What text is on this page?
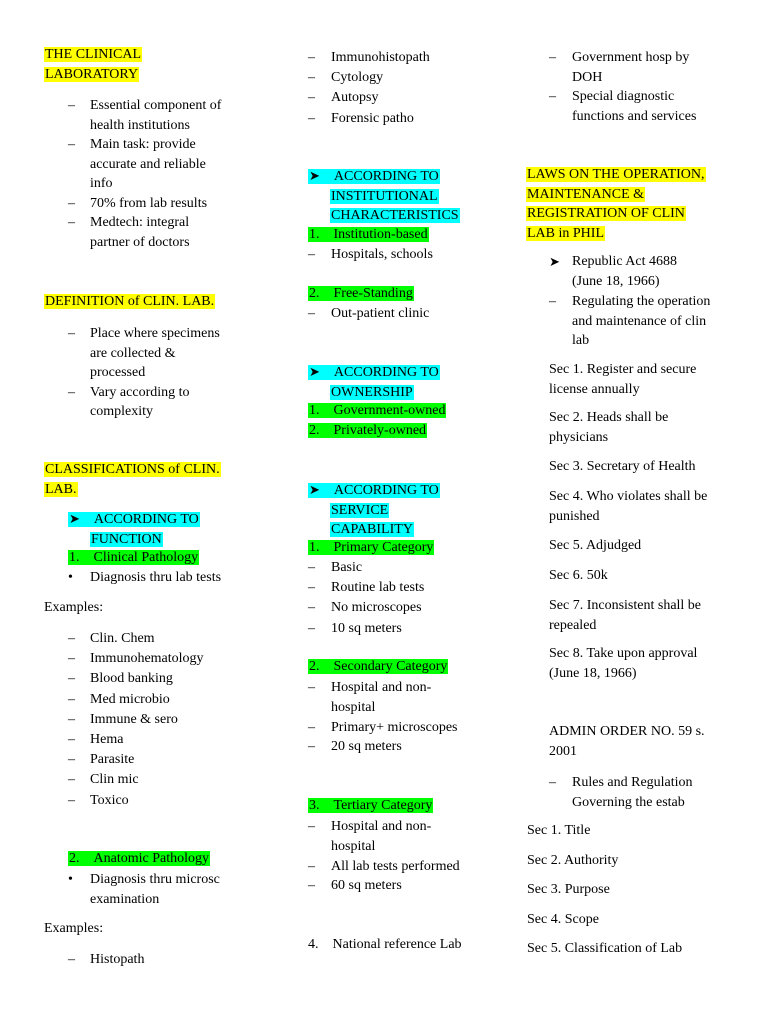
THE CLINICAL
LABORATORY
– Essential component of
health institutions
– Main task: provide
accurate and reliable
info
– 70% from lab results
– Medtech: integral
partner of doctors
DEFINITION of CLIN. LAB.
– Place where specimens
are collected &
processed
– Vary according to
complexity
CLASSIFICATIONS of CLIN.
LAB.
➤ ACCORDING TO
FUNCTION
1. Clinical Pathology
• Diagnosis thru lab tests
Examples:
– Clin. Chem
– Immunohematology
– Blood banking
– Med microbio
– Immune & sero
– Hema
– Parasite
– Clin mic
– Toxico
2. Anatomic Pathology
• Diagnosis thru microsc
examination
Examples:
– Histopath
– Immunohistopath
– Cytology
– Autopsy
– Forensic patho
➤ ACCORDING TO
INSTITUTIONAL
CHARACTERISTICS
1. Institution-based
– Hospitals, schools
2. Free-Standing
– Out-patient clinic
➤ ACCORDING TO
OWNERSHIP
1. Government-owned
2. Privately-owned
➤ ACCORDING TO
SERVICE
CAPABILITY
1. Primary Category
– Basic
– Routine lab tests
– No microscopes
– 10 sq meters
2. Secondary Category
– Hospital and non-
hospital
– Primary+ microscopes
– 20 sq meters
3. Tertiary Category
– Hospital and non-
hospital
– All lab tests performed
– 60 sq meters
4. National reference Lab
– Government hosp by
DOH
– Special diagnostic
functions and services
LAWS ON THE OPERATION,
MAINTENANCE &
REGISTRATION OF CLIN
LAB in PHIL
➤ Republic Act 4688
(June 18, 1966)
– Regulating the operation
and maintenance of clin
lab
Sec 1. Register and secure
license annually
Sec 2. Heads shall be
physicians
Sec 3. Secretary of Health
Sec 4. Who violates shall be
punished
Sec 5. Adjudged
Sec 6. 50k
Sec 7. Inconsistent shall be
repealed
Sec 8. Take upon approval
(June 18, 1966)
ADMIN ORDER NO. 59 s.
2001
– Rules and Regulation
Governing the estab
Sec 1. Title
Sec 2. Authority
Sec 3. Purpose
Sec 4. Scope
Sec 5. Classification of Lab
